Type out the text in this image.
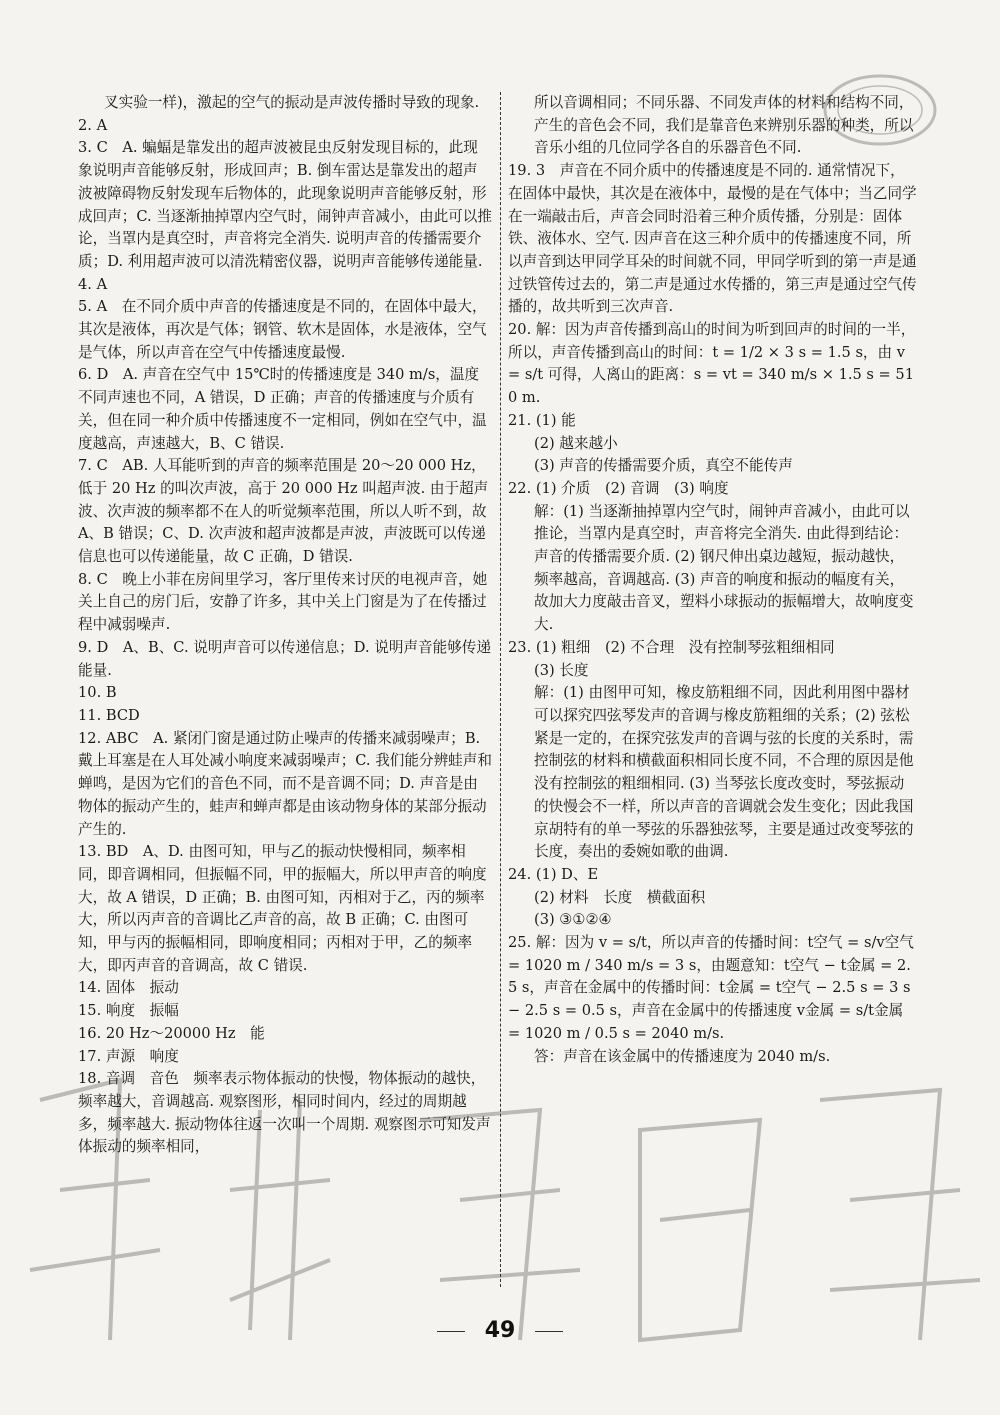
叉实验一样)，激起的空气的振动是声波传播时导致的现象.
2. A
3. C　A. 蝙蝠是靠发出的超声波被昆虫反射发现目标的，此现象说明声音能够反射，形成回声；B. 倒车雷达是靠发出的超声波被障碍物反射发现车后物体的，此现象说明声音能够反射，形成回声；C. 当逐渐抽掉罩内空气时，闹钟声音减小，由此可以推论，当罩内是真空时，声音将完全消失. 说明声音的传播需要介质；D. 利用超声波可以清洗精密仪器，说明声音能够传递能量.
4. A
5. A　在不同介质中声音的传播速度是不同的，在固体中最大，其次是液体，再次是气体；钢管、软木是固体，水是液体，空气是气体，所以声音在空气中传播速度最慢.
6. D　A. 声音在空气中 15℃时的传播速度是 340 m/s，温度不同声速也不同，A 错误，D 正确；声音的传播速度与介质有关，但在同一种介质中传播速度不一定相同，例如在空气中，温度越高，声速越大，B、C 错误.
7. C　AB. 人耳能听到的声音的频率范围是 20～20 000 Hz，低于 20 Hz 的叫次声波，高于 20 000 Hz 叫超声波. 由于超声波、次声波的频率都不在人的听觉频率范围，所以人听不到，故 A、B 错误；C、D. 次声波和超声波都是声波，声波既可以传递信息也可以传递能量，故 C 正确，D 错误.
8. C　晚上小菲在房间里学习，客厅里传来讨厌的电视声音，她关上自己的房门后，安静了许多，其中关上门窗是为了在传播过程中减弱噪声.
9. D　A、B、C. 说明声音可以传递信息；D. 说明声音能够传递能量.
10. B
11. BCD
12. ABC　A. 紧闭门窗是通过防止噪声的传播来减弱噪声；B. 戴上耳塞是在人耳处减小响度来减弱噪声；C. 我们能分辨蛙声和蝉鸣，是因为它们的音色不同，而不是音调不同；D. 声音是由物体的振动产生的，蛙声和蝉声都是由该动物身体的某部分振动产生的.
13. BD　A、D. 由图可知，甲与乙的振动快慢相同，频率相同，即音调相同，但振幅不同，甲的振幅大，所以甲声音的响度大，故 A 错误，D 正确；B. 由图可知，丙相对于乙，丙的频率大，所以丙声音的音调比乙声音的高，故 B 正确；C. 由图可知，甲与丙的振幅相同，即响度相同；丙相对于甲，乙的频率大，即丙声音的音调高，故 C 错误.
14. 固体　振动
15. 响度　振幅
16. 20 Hz～20000 Hz　能
17. 声源　响度
18. 音调　音色　频率表示物体振动的快慢，物体振动的越快，频率越大，音调越高. 观察图形，相同时间内，经过的周期越多，频率越大. 振动物体往返一次叫一个周期. 观察图示可知发声体振动的频率相同，
所以音调相同；不同乐器、不同发声体的材料和结构不同，产生的音色会不同，我们是靠音色来辨别乐器的种类，所以音乐小组的几位同学各自的乐器音色不同.
19. 3　声音在不同介质中的传播速度是不同的. 通常情况下，在固体中最快，其次是在液体中，最慢的是在气体中；当乙同学在一端敲击后，声音会同时沿着三种介质传播，分别是：固体铁、液体水、空气. 因声音在这三种介质中的传播速度不同，所以声音到达甲同学耳朵的时间就不同，甲同学听到的第一声是通过铁管传过去的，第二声是通过水传播的，第三声是通过空气传播的，故共听到三次声音.
20. 解：因为声音传播到高山的时间为听到回声的时间的一半，所以，声音传播到高山的时间：t = 1/2 × 3 s = 1.5 s，由 v = s/t 可得，人离山的距离：s = vt = 340 m/s × 1.5 s = 510 m.
21. (1) 能
(2) 越来越小
(3) 声音的传播需要介质，真空不能传声
22. (1) 介质　(2) 音调　(3) 响度
解：(1) 当逐渐抽掉罩内空气时，闹钟声音减小，由此可以推论，当罩内是真空时，声音将完全消失. 由此得到结论：声音的传播需要介质. (2) 钢尺伸出桌边越短，振动越快，频率越高，音调越高. (3) 声音的响度和振动的幅度有关，故加大力度敲击音叉，塑料小球振动的振幅增大，故响度变大.
23. (1) 粗细　(2) 不合理　没有控制琴弦粗细相同
(3) 长度
解：(1) 由图甲可知，橡皮筋粗细不同，因此利用图中器材可以探究四弦琴发声的音调与橡皮筋粗细的关系；(2) 弦松紧是一定的，在探究弦发声的音调与弦的长度的关系时，需控制弦的材料和横截面积相同长度不同，不合理的原因是他没有控制弦的粗细相同. (3) 当琴弦长度改变时，琴弦振动的快慢会不一样，所以声音的音调就会发生变化；因此我国京胡特有的单一琴弦的乐器独弦琴，主要是通过改变琴弦的长度，奏出的委婉如歌的曲调.
24. (1) D、E
(2) 材料　长度　横截面积
(3) ③①②④
25. 解：因为 v = s/t，所以声音的传播时间：t空气 = s/v空气 = 1020 m / 340 m/s = 3 s，由题意知：t空气 − t金属 = 2.5 s，声音在金属中的传播时间：t金属 = t空气 − 2.5 s = 3 s − 2.5 s = 0.5 s，声音在金属中的传播速度 v金属 = s/t金属 = 1020 m / 0.5 s = 2040 m/s.
答：声音在该金属中的传播速度为 2040 m/s.
49
